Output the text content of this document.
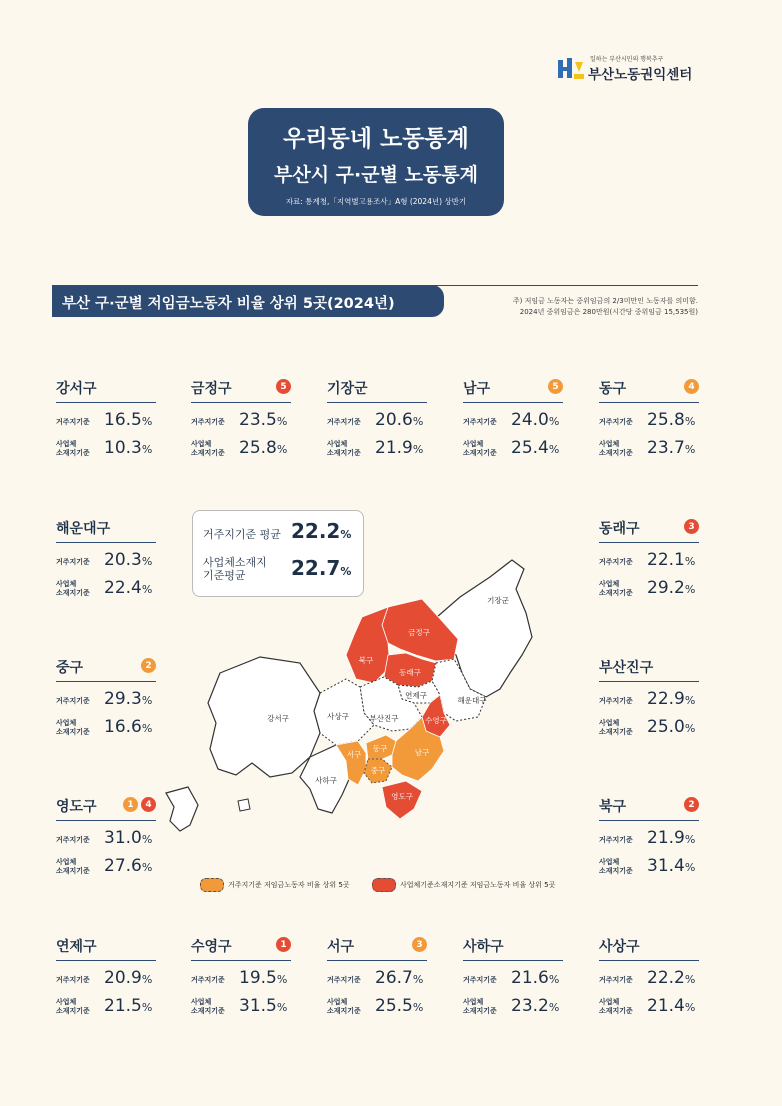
일하는 부산시민의 행복추구
부산노동권익센터
우리동네 노동통계
부산시 구·군별 노동통계
자료: 통계청,「지역별고용조사」A형 (2024년) 상반기
부산 구·군별 저임금노동자 비율 상위 5곳(2024년)	주) 저임금 노동자는 중위임금의 2/3미만인 노동자를 의미함.
2024년 중위임금은 280만원(시간당 중위임금 15,535원)
강서구
거주지기준 16.5%
사업체
소재지기준 10.3%
금정구	5
거주지기준 23.5%
사업체
소재지기준 25.8%
기장군
거주지기준 20.6%
사업체
소재지기준 21.9%
남구	5
거주지기준 24.0%
사업체
소재지기준 25.4%
동구	4
거주지기준 25.8%
사업체
소재지기준 23.7%
해운대구
거주지기준 20.3%
사업체
소재지기준 22.4%
동래구	3
거주지기준 22.1%
사업체
소재지기준 29.2%
중구	2
거주지기준 29.3%
사업체
소재지기준 16.6%
부산진구
거주지기준 22.9%
사업체
소재지기준 25.0%
영도구	1	4
거주지기준 31.0%
사업체
소재지기준 27.6%
북구	2
거주지기준 21.9%
사업체
소재지기준 31.4%
연제구
거주지기준 20.9%
사업체
소재지기준 21.5%
수영구	1
거주지기준 19.5%
사업체
소재지기준 31.5%
서구	3
거주지기준 26.7%
사업체
소재지기준 25.5%
사하구
거주지기준 21.6%
사업체
소재지기준 23.2%
사상구
거주지기준 22.2%
사업체
소재지기준 21.4%
거주지기준 평균 22.2%
사업체소재지
기준평균	22.7%
기장군
금정구
북구
동래구
연제구
해운대구
강서구	사상구	부산진구	수영구
서구
동구
중구
남구
사하구
영도구
거주지기준 저임금노동자 비율 상위 5곳	사업체기준소재지기준 저임금노동자 비율 상위 5곳
